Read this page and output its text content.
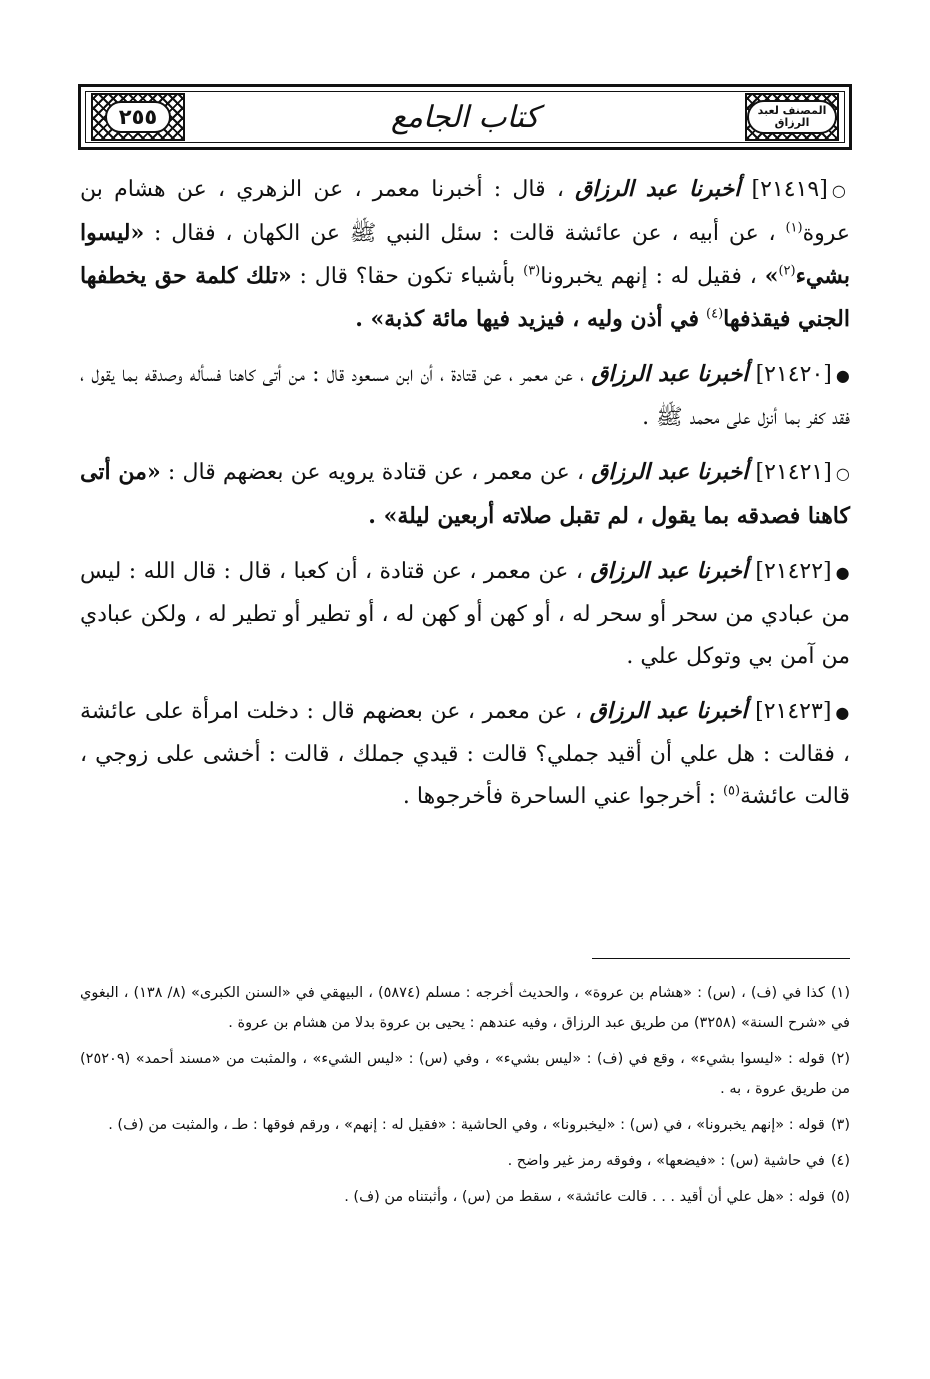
٢٥٥	كتاب الجامع	المصنف لعبد الرزاق

○[٢١٤١٩] أخبرنا عبد الرزاق ، قال : أخبرنا معمر ، عن الزهري ، عن هشام بن عروة$^{(١)}$ ، عن أبيه ، عن عائشة قالت : سئل النبي ﷺ عن الكهان ، فقال : «ليسوا بشيء$^{(٢)}$» ، فقيل له : إنهم يخبرونا$^{(٣)}$ بأشياء تكون حقا؟ قال : «تلك كلمة حق يخطفها الجني فيقذفها$^{(٤)}$ في أذن وليه ، فيزيد فيها مائة كذبة» .

●[٢١٤٢٠] أخبرنا عبد الرزاق ، عن معمر ، عن قتادة ، أن ابن مسعود قال : من أتى كاهنا فسأله وصدقه بما يقول ، فقد كفر بما أنزل على محمد ﷺ .

○[٢١٤٢١] أخبرنا عبد الرزاق ، عن معمر ، عن قتادة يرويه عن بعضهم قال : «من أتى كاهنا فصدقه بما يقول ، لم تقبل صلاته أربعين ليلة» .

●[٢١٤٢٢] أخبرنا عبد الرزاق ، عن معمر ، عن قتادة ، أن كعبا ، قال : قال الله : ليس من عبادي من سحر أو سحر له ، أو كهن أو كهن له ، أو تطير أو تطير له ، ولكن عبادي من آمن بي وتوكل علي .

●[٢١٤٢٣] أخبرنا عبد الرزاق ، عن معمر ، عن بعضهم قال : دخلت امرأة على عائشة ، فقالت : هل علي أن أقيد جملي؟ قالت : قيدي جملك ، قالت : أخشى على زوجي ، قالت عائشة$^{(٥)}$ : أخرجوا عني الساحرة فأخرجوها .

(١)كذا في (ف) ، (س) : «هشام بن عروة» ، والحديث أخرجه : مسلم (٥٨٧٤) ، البيهقي في «السنن الكبرى» (٨/ ١٣٨) ، البغوي في «شرح السنة» (٣٢٥٨) من طريق عبد الرزاق ، وفيه عندهم : يحيى بن عروة بدلا من هشام بن عروة .

(٢)قوله : «ليسوا بشيء» ، وقع في (ف) : «ليس بشيء» ، وفي (س) : «ليس الشيء» ، والمثبت من «مسند أحمد» (٢٥٢٠٩) من طريق عروة ، به .

(٣)قوله : «إنهم يخبرونا» ، في (س) : «ليخبرونا» ، وفي الحاشية : «فقيل له : إنهم» ، ورقم فوقها : طـ ، والمثبت من (ف) .

(٤)في حاشية (س) : «فيضعها» ، وفوقه رمز غير واضح .

(٥)قوله : «هل علي أن أقيد . . . قالت عائشة» ، سقط من (س) ، وأثبتناه من (ف) .
